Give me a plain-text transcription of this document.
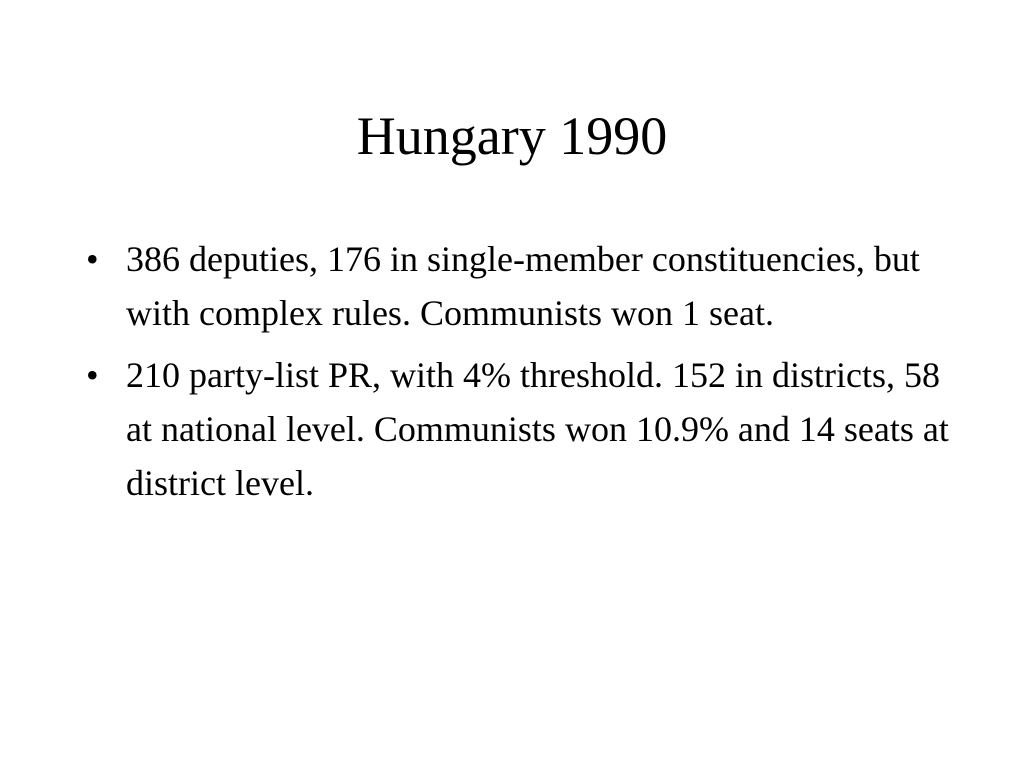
Hungary 1990
• 386 deputies, 176 in single-member constituencies, but with complex rules. Communists won 1 seat.
• 210 party-list PR, with 4% threshold. 152 in districts, 58 at national level. Communists won 10.9% and 14 seats at district level.
